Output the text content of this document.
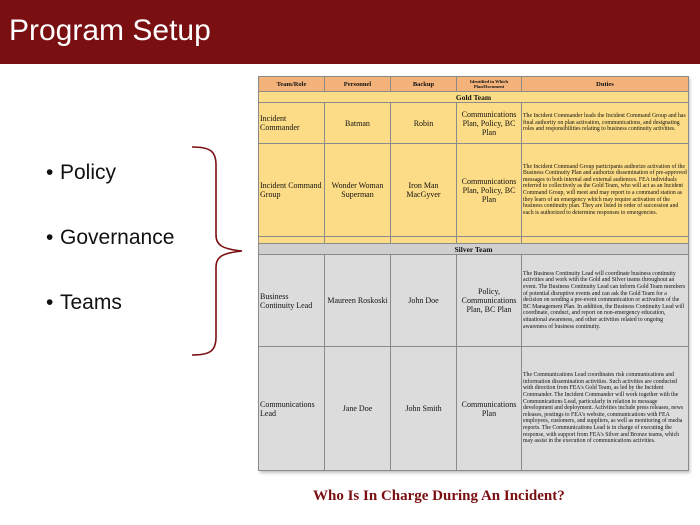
Program Setup
• Policy
• Governance
• Teams
Team/Role	Personnel	Backup	Identified in Which Plan/Document	Duties
Gold Team				
Incident Commander	Batman	Robin	Communications Plan, Policy, BC Plan	The Incident Commander leads the Incident Command Group and has final authority on plan activation, communications, and designating roles and responsibilities relating to business continuity activities.
Incident Command Group	Wonder Woman Superman	Iron Man MacGyver	Communications Plan, Policy, BC Plan	The Incident Command Group participants authorize activation of the Business Continuity Plan and authorize dissemination of pre-approved messages to both internal and external audiences. FEA individuals referred to collectively as the Gold Team, who will act as an Incident Command Group, will meet and may report to a command station as they learn of an emergency which may require activation of the business continuity plan. They are listed in order of succession and each is authorized to determine responses to emergencies.

Silver Team				
Business Continuity Lead	Maureen Roskoski	John Doe	Policy, Communications Plan, BC Plan	The Business Continuity Lead will coordinate business continuity activities and work with the Gold and Silver teams throughout an event. The Business Continuity Lead can inform Gold Team members of potential disruptive events and can ask the Gold Team for a decision on sending a pre-event communication or activation of the BC Management Plan. In addition, the Business Continuity Lead will coordinate, conduct, and report on non-emergency education, situational awareness, and other activities related to ongoing awareness of business continuity.
Communications Lead	Jane Doe	John Smith	Communications Plan	The Communications Lead coordinates risk communications and information dissemination activities. Such activities are conducted with direction from FEA's Gold Team, as led by the Incident Commander. The Incident Commander will work together with the Communications Lead, particularly in relation to message development and deployment. Activities include press releases, news releases, postings to FEA's website, communications with FEA employees, customers, and suppliers, as well as monitoring of media reports. The Communications Lead is in charge of executing the response, with support from FEA's Silver and Bronze teams, which may assist in the execution of communications activities.
Who Is In Charge During An Incident?
